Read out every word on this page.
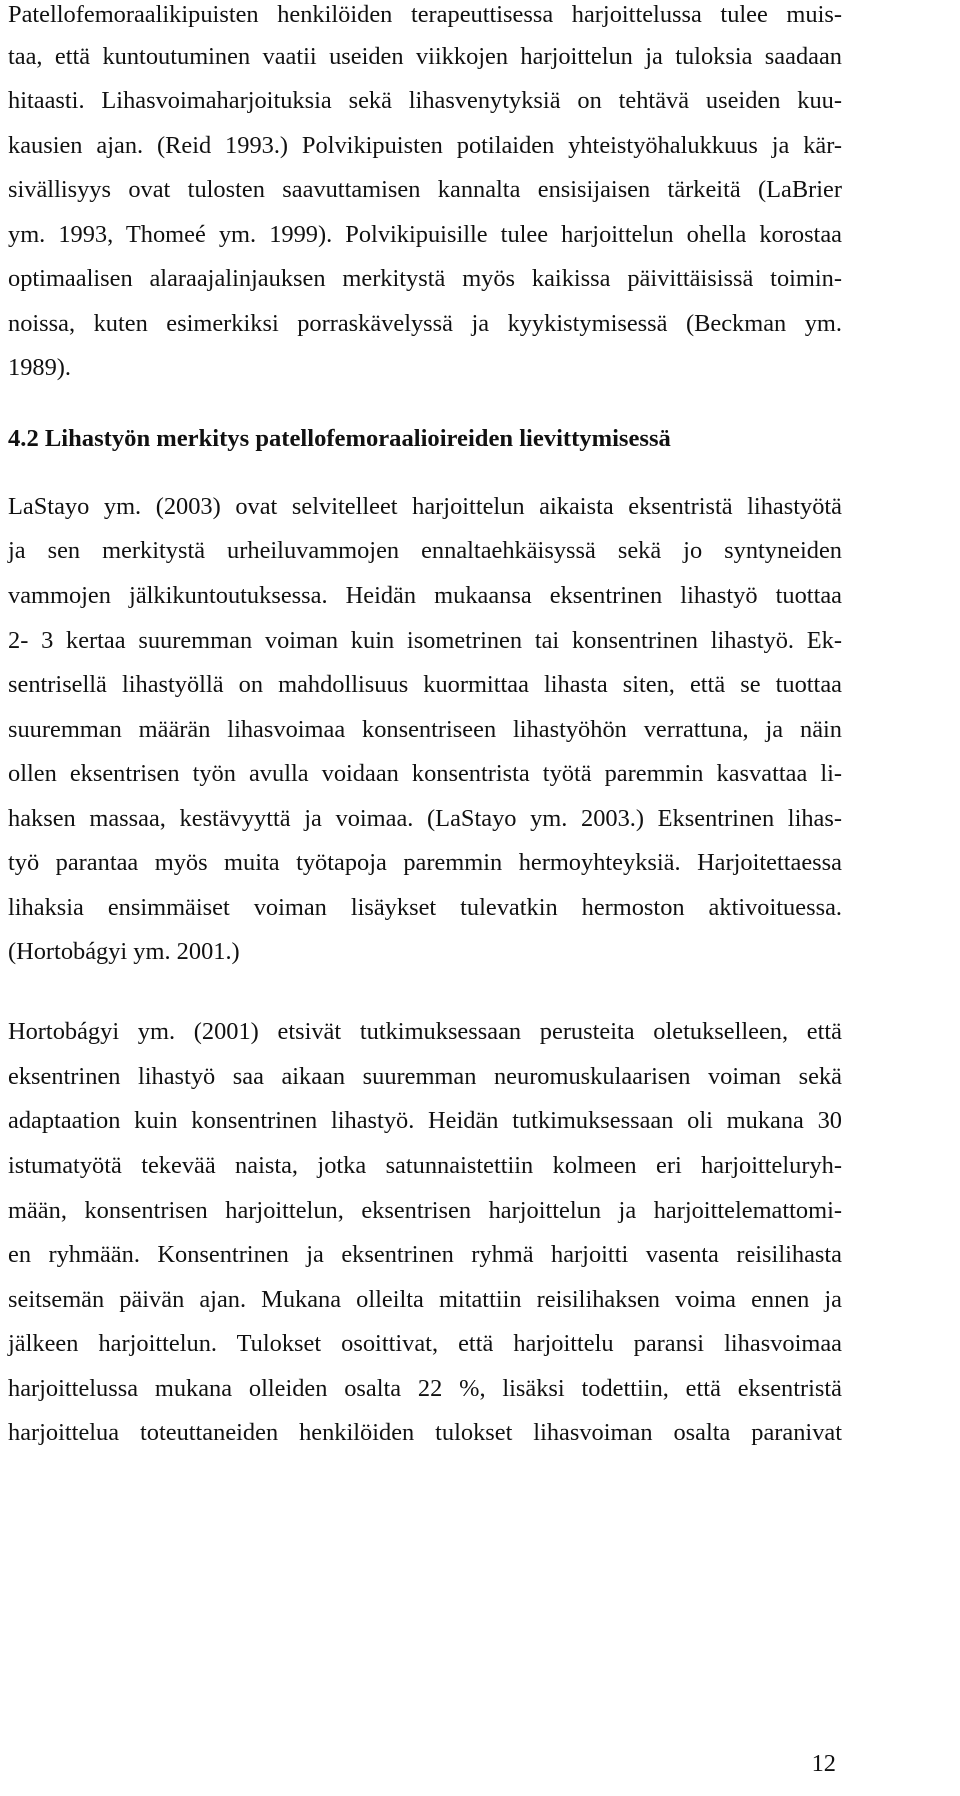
Patellofemoraalikipuisten henkilöiden terapeuttisessa harjoittelussa tulee muis-
taa, että kuntoutuminen vaatii useiden viikkojen harjoittelun ja tuloksia saadaan
hitaasti. Lihasvoimaharjoituksia sekä lihasvenytyksiä on tehtävä useiden kuu-
kausien ajan. (Reid 1993.) Polvikipuisten potilaiden yhteistyöhalukkuus ja kär-
sivällisyys ovat tulosten saavuttamisen kannalta ensisijaisen tärkeitä (LaBrier
ym. 1993, Thomeé ym. 1999). Polvikipuisille tulee harjoittelun ohella korostaa
optimaalisen alaraajalinjauksen merkitystä myös kaikissa päivittäisissä toimin-
noissa, kuten esimerkiksi porraskävelyssä ja kyykistymisessä (Beckman ym.
1989).
4.2 Lihastyön merkitys patellofemoraalioireiden lievittymisessä
LaStayo ym. (2003) ovat selvitelleet harjoittelun aikaista eksentristä lihastyötä
ja sen merkitystä urheiluvammojen ennaltaehkäisyssä sekä jo syntyneiden
vammojen jälkikuntoutuksessa. Heidän mukaansa eksentrinen lihastyö tuottaa
2- 3 kertaa suuremman voiman kuin isometrinen tai konsentrinen lihastyö. Ek-
sentrisellä lihastyöllä on mahdollisuus kuormittaa lihasta siten, että se tuottaa
suuremman määrän lihasvoimaa konsentriseen lihastyöhön verrattuna, ja näin
ollen eksentrisen työn avulla voidaan konsentrista työtä paremmin kasvattaa li-
haksen massaa, kestävyyttä ja voimaa. (LaStayo ym. 2003.) Eksentrinen lihas-
työ parantaa myös muita työtapoja paremmin hermoyhteyksiä. Harjoitettaessa
lihaksia ensimmäiset voiman lisäykset tulevatkin hermoston aktivoituessa.
(Hortobágyi ym. 2001.)
Hortobágyi ym. (2001) etsivät tutkimuksessaan perusteita oletukselleen, että
eksentrinen lihastyö saa aikaan suuremman neuromuskulaarisen voiman sekä
adaptaation kuin konsentrinen lihastyö. Heidän tutkimuksessaan oli mukana 30
istumatyötä tekevää naista, jotka satunnaistettiin kolmeen eri harjoitteluryh-
mään, konsentrisen harjoittelun, eksentrisen harjoittelun ja harjoittelemattomi-
en ryhmään. Konsentrinen ja eksentrinen ryhmä harjoitti vasenta reisilihasta
seitsemän päivän ajan. Mukana olleilta mitattiin reisilihaksen voima ennen ja
jälkeen harjoittelun. Tulokset osoittivat, että harjoittelu paransi lihasvoimaa
harjoittelussa mukana olleiden osalta 22 %, lisäksi todettiin, että eksentristä
harjoittelua toteuttaneiden henkilöiden tulokset lihasvoiman osalta paranivat
12
